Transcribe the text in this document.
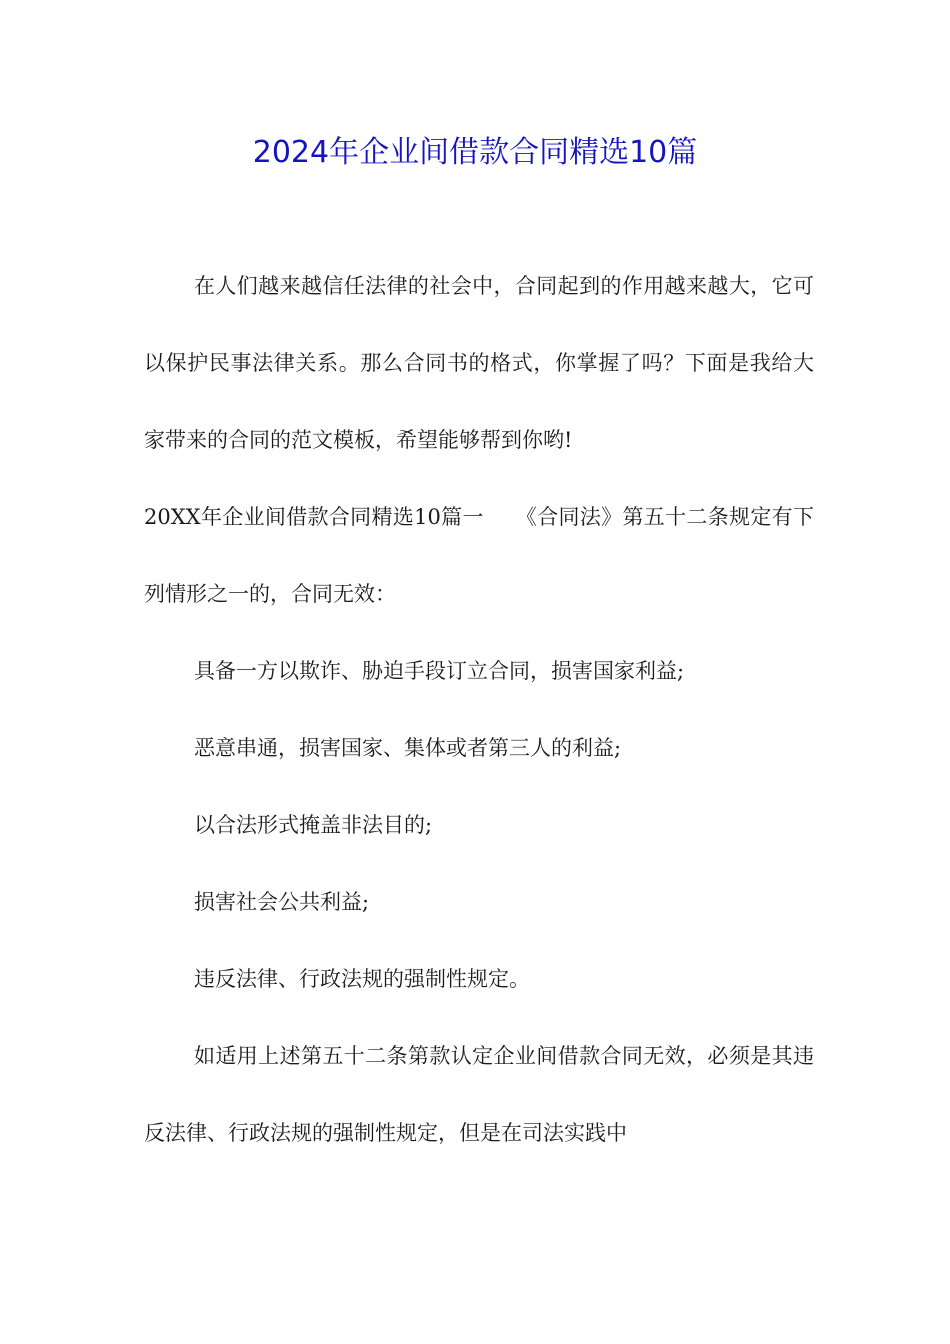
2024年企业间借款合同精选10篇

在人们越来越信任法律的社会中，合同起到的作用越来越大，它可以保护民事法律关系。那么合同书的格式，你掌握了吗？下面是我给大家带来的合同的范文模板，希望能够帮到你哟!

20XX年企业间借款合同精选10篇一　　《合同法》第五十二条规定有下列情形之一的，合同无效：

具备一方以欺诈、胁迫手段订立合同，损害国家利益;

恶意串通，损害国家、集体或者第三人的利益;

以合法形式掩盖非法目的;

损害社会公共利益;

违反法律、行政法规的强制性规定。

如适用上述第五十二条第款认定企业间借款合同无效，必须是其违反法律、行政法规的强制性规定，但是在司法实践中
